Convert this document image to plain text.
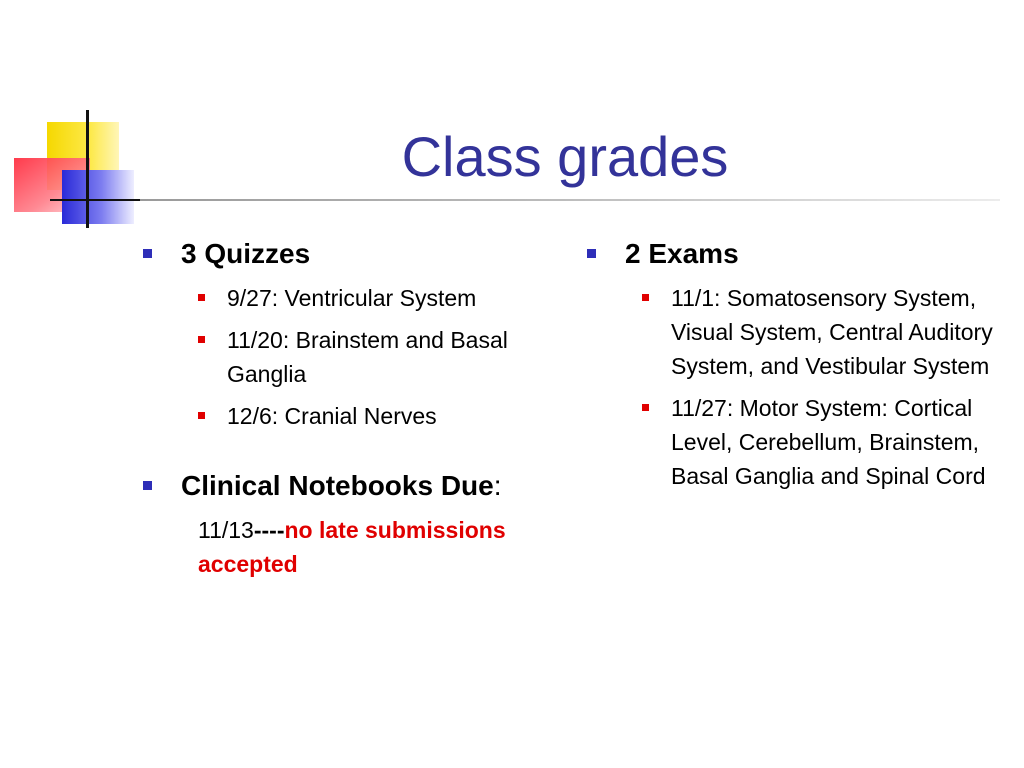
Class grades
3 Quizzes
9/27: Ventricular System
11/20: Brainstem and Basal Ganglia
12/6: Cranial Nerves
Clinical Notebooks Due:
11/13----no late submissions accepted
2 Exams
11/1: Somatosensory System, Visual System, Central Auditory System, and Vestibular System
11/27: Motor System: Cortical Level, Cerebellum, Brainstem, Basal Ganglia and Spinal Cord
